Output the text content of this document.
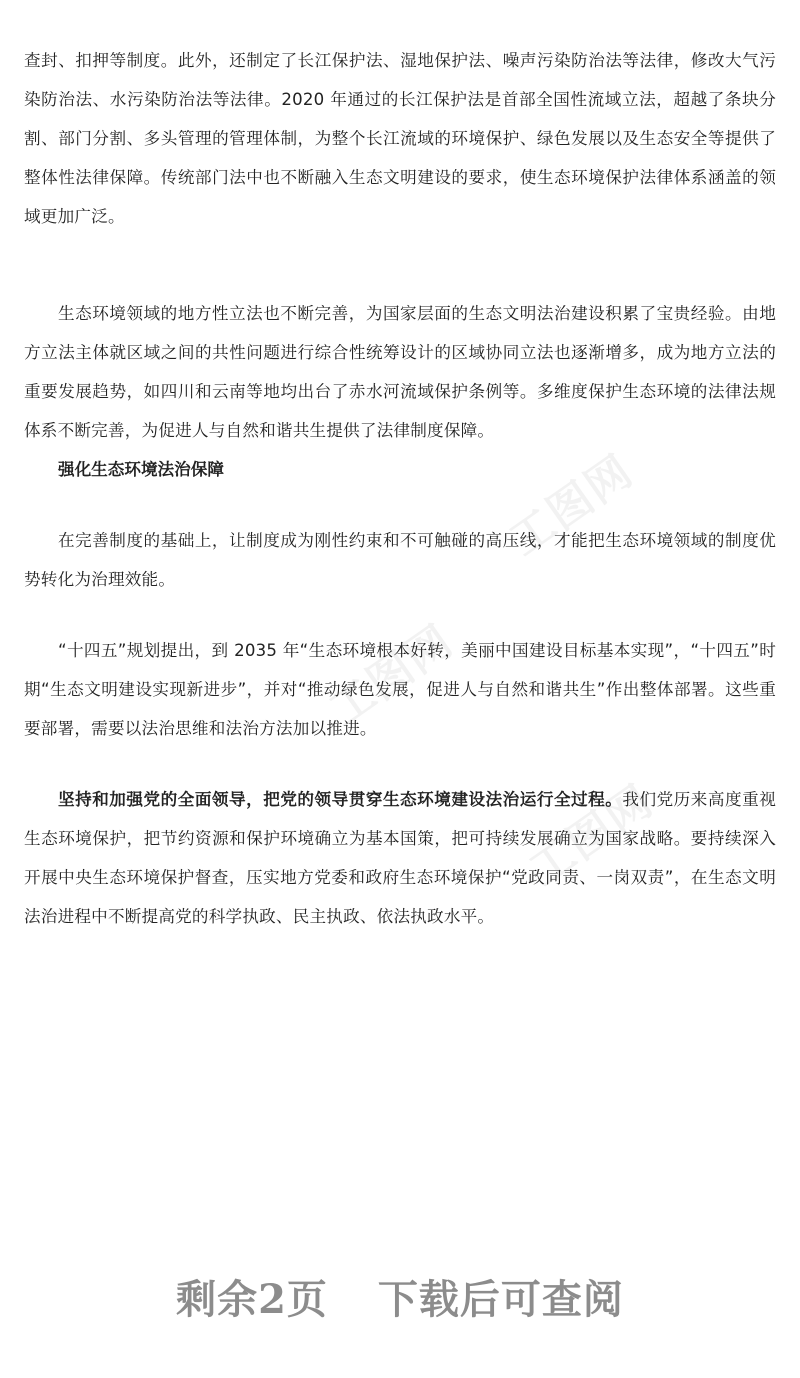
工图网
工图网
工图网

查封、扣押等制度。此外，还制定了长江保护法、湿地保护法、噪声污染防治法等法律，修改大气污染防治法、水污染防治法等法律。2020 年通过的长江保护法是首部全国性流域立法，超越了条块分割、部门分割、多头管理的管理体制，为整个长江流域的环境保护、绿色发展以及生态安全等提供了整体性法律保障。传统部门法中也不断融入生态文明建设的要求，使生态环境保护法律体系涵盖的领域更加广泛。

生态环境领域的地方性立法也不断完善，为国家层面的生态文明法治建设积累了宝贵经验。由地方立法主体就区域之间的共性问题进行综合性统筹设计的区域协同立法也逐渐增多，成为地方立法的重要发展趋势，如四川和云南等地均出台了赤水河流域保护条例等。多维度保护生态环境的法律法规体系不断完善，为促进人与自然和谐共生提供了法律制度保障。

强化生态环境法治保障

在完善制度的基础上，让制度成为刚性约束和不可触碰的高压线，才能把生态环境领域的制度优势转化为治理效能。

“十四五”规划提出，到 2035 年“生态环境根本好转，美丽中国建设目标基本实现”，“十四五”时期“生态文明建设实现新进步”，并对“推动绿色发展，促进人与自然和谐共生”作出整体部署。这些重要部署，需要以法治思维和法治方法加以推进。

坚持和加强党的全面领导，把党的领导贯穿生态环境建设法治运行全过程。我们党历来高度重视生态环境保护，把节约资源和保护环境确立为基本国策，把可持续发展确立为国家战略。要持续深入开展中央生态环境保护督查，压实地方党委和政府生态环境保护“党政同责、一岗双责”，在生态文明法治进程中不断提高党的科学执政、民主执政、依法执政水平。

剩余2页 下载后可查阅
